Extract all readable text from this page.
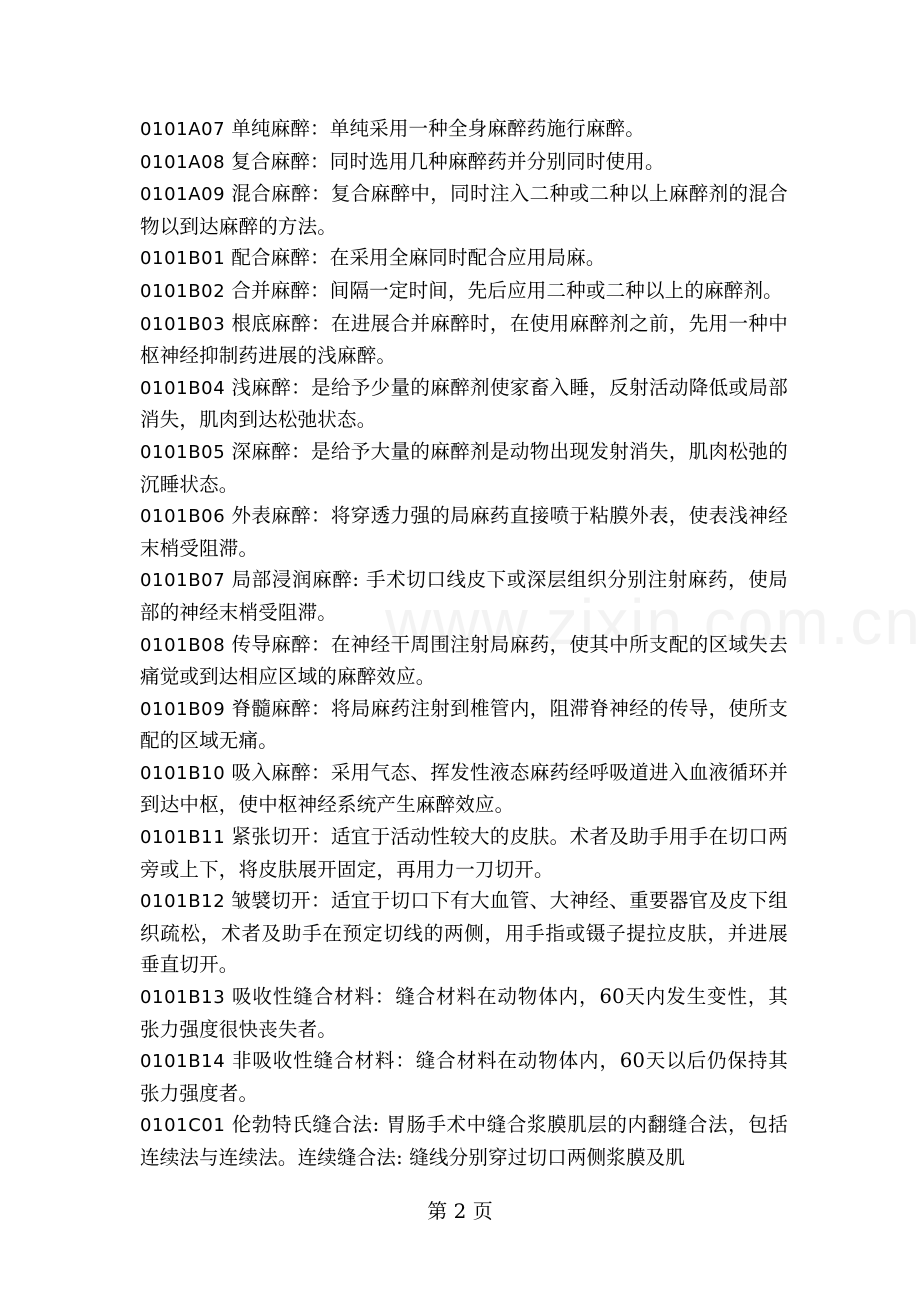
0101A07 单纯麻醉：单纯采用一种全身麻醉药施行麻醉。

0101A08 复合麻醉：同时选用几种麻醉药并分别同时使用。

0101A09 混合麻醉：复合麻醉中，同时注入二种或二种以上麻醉剂的混合物以到达麻醉的方法。

0101B01 配合麻醉：在采用全麻同时配合应用局麻。

0101B02 合并麻醉：间隔一定时间，先后应用二种或二种以上的麻醉剂。

0101B03 根底麻醉：在进展合并麻醉时，在使用麻醉剂之前，先用一种中枢神经抑制药进展的浅麻醉。

0101B04 浅麻醉：是给予少量的麻醉剂使家畜入睡，反射活动降低或局部消失，肌肉到达松弛状态。

0101B05 深麻醉：是给予大量的麻醉剂是动物出现发射消失，肌肉松弛的沉睡状态。

0101B06 外表麻醉：将穿透力强的局麻药直接喷于粘膜外表，使表浅神经末梢受阻滞。

0101B07 局部浸润麻醉: 手术切口线皮下或深层组织分别注射麻药，使局部的神经末梢受阻滞。

0101B08 传导麻醉：在神经干周围注射局麻药，使其中所支配的区域失去痛觉或到达相应区域的麻醉效应。

0101B09 脊髓麻醉：将局麻药注射到椎管内，阻滞脊神经的传导，使所支配的区域无痛。

0101B10 吸入麻醉：采用气态、挥发性液态麻药经呼吸道进入血液循环并到达中枢，使中枢神经系统产生麻醉效应。

0101B11 紧张切开：适宜于活动性较大的皮肤。术者及助手用手在切口两旁或上下，将皮肤展开固定，再用力一刀切开。

0101B12 皱襞切开：适宜于切口下有大血管、大神经、重要器官及皮下组织疏松，术者及助手在预定切线的两侧，用手指或镊子提拉皮肤，并进展垂直切开。

0101B13 吸收性缝合材料：缝合材料在动物体内，60天内发生变性，其张力强度很快丧失者。

0101B14 非吸收性缝合材料：缝合材料在动物体内，60天以后仍保持其张力强度者。

0101C01 伦勃特氏缝合法: 胃肠手术中缝合浆膜肌层的内翻缝合法，包括连续法与连续法。连续缝合法: 缝线分别穿过切口两侧浆膜及肌

第 2 页
